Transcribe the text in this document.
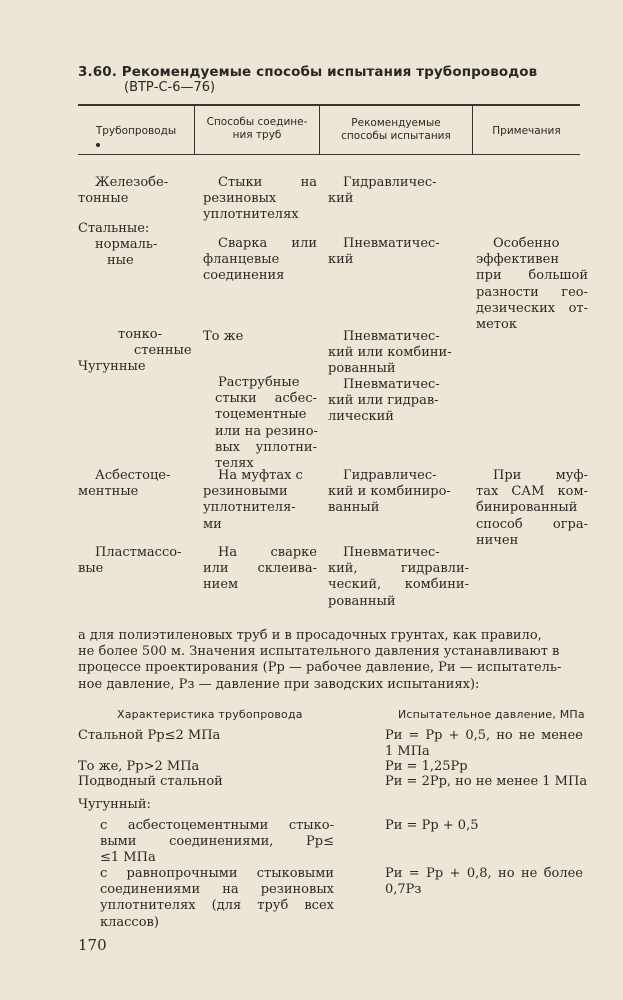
3.60. Рекомендуемые способы испытания трубопроводов
(ВТР-С-6—76)
Трубопроводы
Способы соедине-
ния труб
Рекомендуемые
способы испытания	Примечания
Железобе-
тонные
Стальные:
нормаль-
ные
тонко-
стенные
Чугунные
Асбестоце-
ментные
Пластмассо-
вые
Стыки на
резиновых
уплотнителях
Сварка или
фланцевые
соединения
То же
Раструбные
стыки асбес-
тоцементные
или на резино-
вых уплотни-
телях
На муфтах с
резиновыми
уплотнителя-
ми
На сварке
или склеива-
нием
Гидравличес-
кий
Пневматичес-
кий
Пневматичес-
кий или комбини-
рованный
Пневматичес-
кий или гидрав-
лический
Гидравличес-
кий и комбиниро-
ванный
Пневматичес-
кий, гидравли-
ческий, комбини-
рованный
Особенно
эффективен
при большой
разности гео-
дезических от-
меток
При муф-
тах САМ ком-
бинированный
способ огра-
ничен
а для полиэтиленовых труб и в просадочных грунтах, как правило,
не более 500 м. Значения испытательного давления устанавливают в
процессе проектирования (Pр — рабочее давление, Pи — испытатель-
ное давление, Pз — давление при заводских испытаниях):
Характеристика трубопровода	Испытательное давление, МПа
Стальной Pр≤2 МПа
То же, Pр>2 МПа
Подводный стальной
Чугунный:
с асбестоцементными стыко-
выми соединениями, Pр≤
≤1 МПа
с равнопрочными стыковыми
соединениями на резиновых
уплотнителях (для труб всех
классов)
Pи = Pр + 0,5, но не менее
1 МПа
Pи = 1,25Pр
Pи = 2Pр, но не менее 1 МПа
Pи = Pр + 0,5
Pи = Pр + 0,8, но не более
0,7Pз
170
